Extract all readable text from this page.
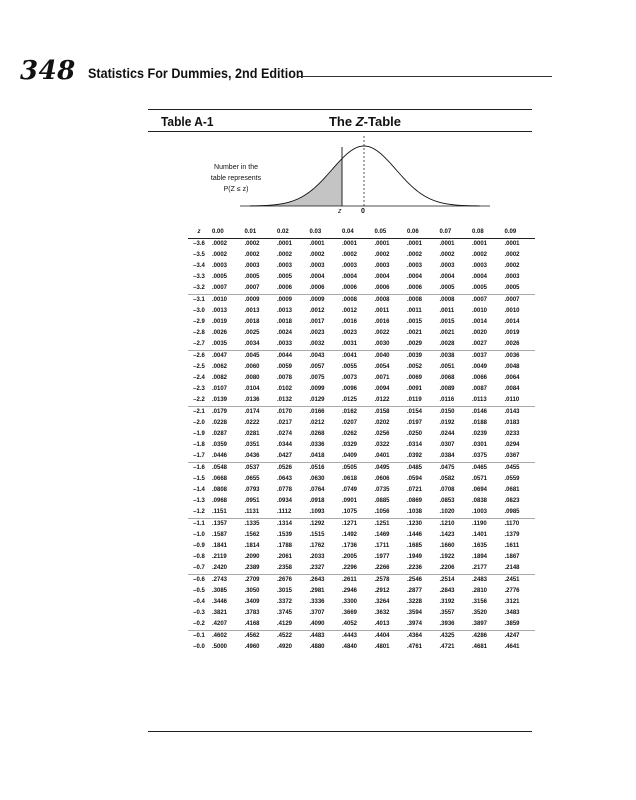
348 Statistics For Dummies, 2nd Edition
Table A-1	The Z-Table
Number in the
table represents
P(Z ≤ z)
z	0
z	0.00	0.01	0.02	0.03	0.04	0.05	0.06	0.07	0.08	0.09
–3.6	.0002	.0002	.0001	.0001	.0001	.0001	.0001	.0001	.0001	.0001
–3.5	.0002	.0002	.0002	.0002	.0002	.0002	.0002	.0002	.0002	.0002
–3.4	.0003	.0003	.0003	.0003	.0003	.0003	.0003	.0003	.0003	.0002
–3.3	.0005	.0005	.0005	.0004	.0004	.0004	.0004	.0004	.0004	.0003
–3.2	.0007	.0007	.0006	.0006	.0006	.0006	.0006	.0005	.0005	.0005
–3.1	.0010	.0009	.0009	.0009	.0008	.0008	.0008	.0008	.0007	.0007
–3.0	.0013	.0013	.0013	.0012	.0012	.0011	.0011	.0011	.0010	.0010
–2.9	.0019	.0018	.0018	.0017	.0016	.0016	.0015	.0015	.0014	.0014
–2.8	.0026	.0025	.0024	.0023	.0023	.0022	.0021	.0021	.0020	.0019
–2.7	.0035	.0034	.0033	.0032	.0031	.0030	.0029	.0028	.0027	.0026
–2.6	.0047	.0045	.0044	.0043	.0041	.0040	.0039	.0038	.0037	.0036
–2.5	.0062	.0060	.0059	.0057	.0055	.0054	.0052	.0051	.0049	.0048
–2.4	.0082	.0080	.0078	.0075	.0073	.0071	.0069	.0068	.0066	.0064
–2.3	.0107	.0104	.0102	.0099	.0096	.0094	.0091	.0089	.0087	.0084
–2.2	.0139	.0136	.0132	.0129	.0125	.0122	.0119	.0116	.0113	.0110
–2.1	.0179	.0174	.0170	.0166	.0162	.0158	.0154	.0150	.0146	.0143
–2.0	.0228	.0222	.0217	.0212	.0207	.0202	.0197	.0192	.0188	.0183
–1.9	.0287	.0281	.0274	.0268	.0262	.0256	.0250	.0244	.0239	.0233
–1.8	.0359	.0351	.0344	.0336	.0329	.0322	.0314	.0307	.0301	.0294
–1.7	.0446	.0436	.0427	.0418	.0409	.0401	.0392	.0384	.0375	.0367
–1.6	.0548	.0537	.0526	.0516	.0505	.0495	.0485	.0475	.0465	.0455
–1.5	.0668	.0655	.0643	.0630	.0618	.0606	.0594	.0582	.0571	.0559
–1.4	.0808	.0793	.0778	.0764	.0749	.0735	.0721	.0708	.0694	.0681
–1.3	.0968	.0951	.0934	.0918	.0901	.0885	.0869	.0853	.0838	.0823
–1.2	.1151	.1131	.1112	.1093	.1075	.1056	.1038	.1020	.1003	.0985
–1.1	.1357	.1335	.1314	.1292	.1271	.1251	.1230	.1210	.1190	.1170
–1.0	.1587	.1562	.1539	.1515	.1492	.1469	.1446	.1423	.1401	.1379
–0.9	.1841	.1814	.1788	.1762	.1736	.1711	.1685	.1660	.1635	.1611
–0.8	.2119	.2090	.2061	.2033	.2005	.1977	.1949	.1922	.1894	.1867
–0.7	.2420	.2389	.2358	.2327	.2296	.2266	.2236	.2206	.2177	.2148
–0.6	.2743	.2709	.2676	.2643	.2611	.2578	.2546	.2514	.2483	.2451
–0.5	.3085	.3050	.3015	.2981	.2946	.2912	.2877	.2843	.2810	.2776
–0.4	.3446	.3409	.3372	.3336	.3300	.3264	.3228	.3192	.3156	.3121
–0.3	.3821	.3783	.3745	.3707	.3669	.3632	.3594	.3557	.3520	.3483
–0.2	.4207	.4168	.4129	.4090	.4052	.4013	.3974	.3936	.3897	.3859
–0.1	.4602	.4562	.4522	.4483	.4443	.4404	.4364	.4325	.4286	.4247
–0.0	.5000	.4960	.4920	.4880	.4840	.4801	.4761	.4721	.4681	.4641
